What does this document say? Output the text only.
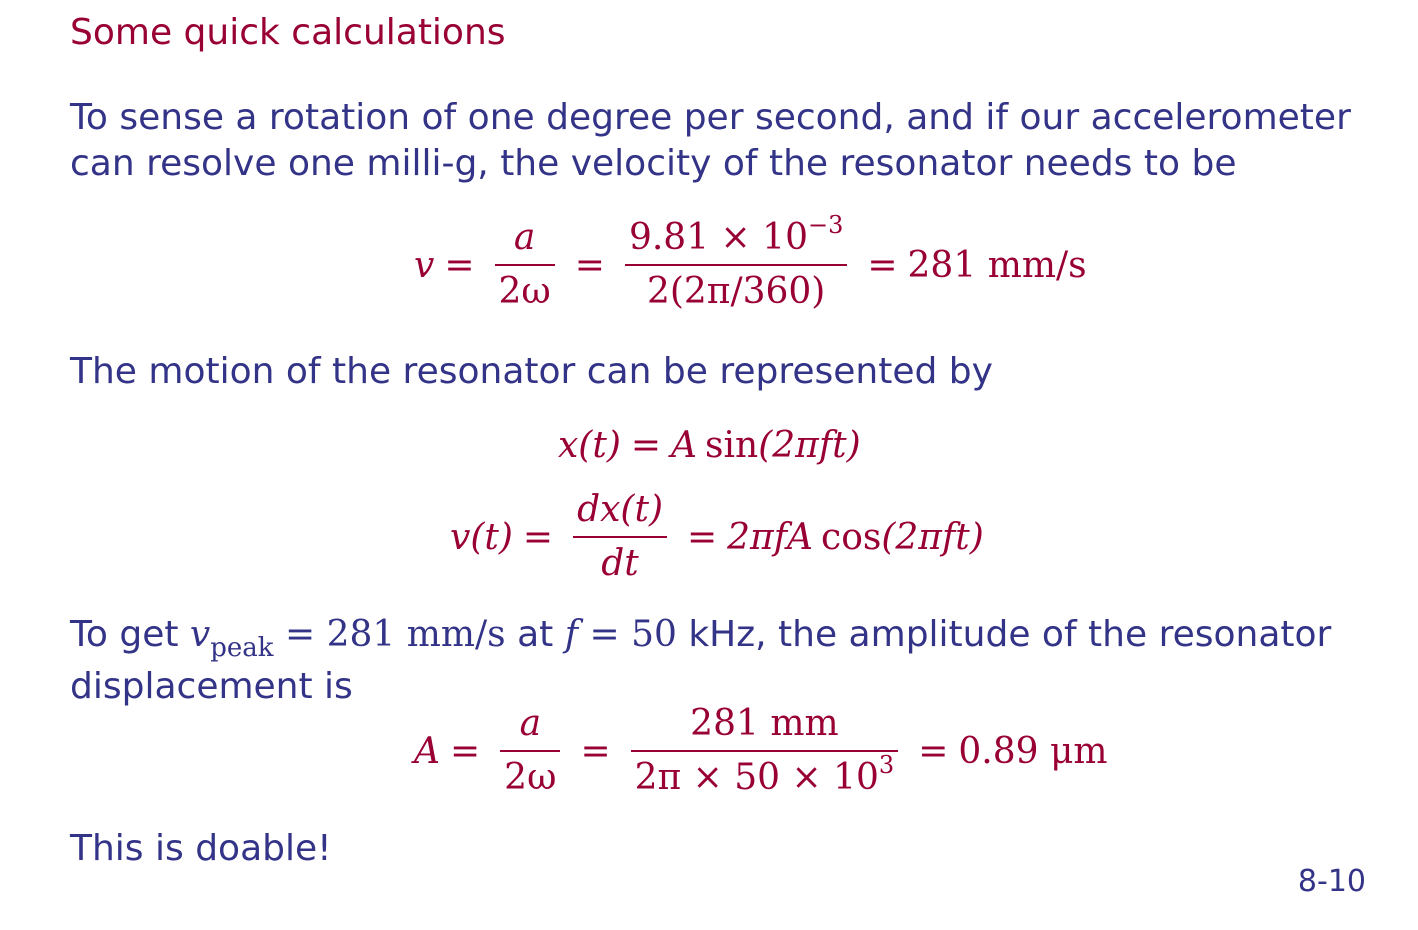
Some quick calculations
To sense a rotation of one degree per second, and if our accelerometer
can resolve one milli-g, the velocity of the resonator needs to be
$v = \frac{a}{2\omega} = \frac{9.81 \times 10^{-3}}{2(2\pi/360)} = 281$ mm/s
The motion of the resonator can be represented by
x(t) = A sin (2πft)
$v(t) = \frac{dx(t)}{dt} = 2\pi fA$ cos (2πft)
To get $v_{peak} = 281$ mm/s at f = 50 kHz, the amplitude of the resonator
displacement is
$A = \frac{a}{2\omega} = \frac{281 mm}{2\pi \times 50 \times 10^3} = 0.89$ μm
This is doable!
8-10
